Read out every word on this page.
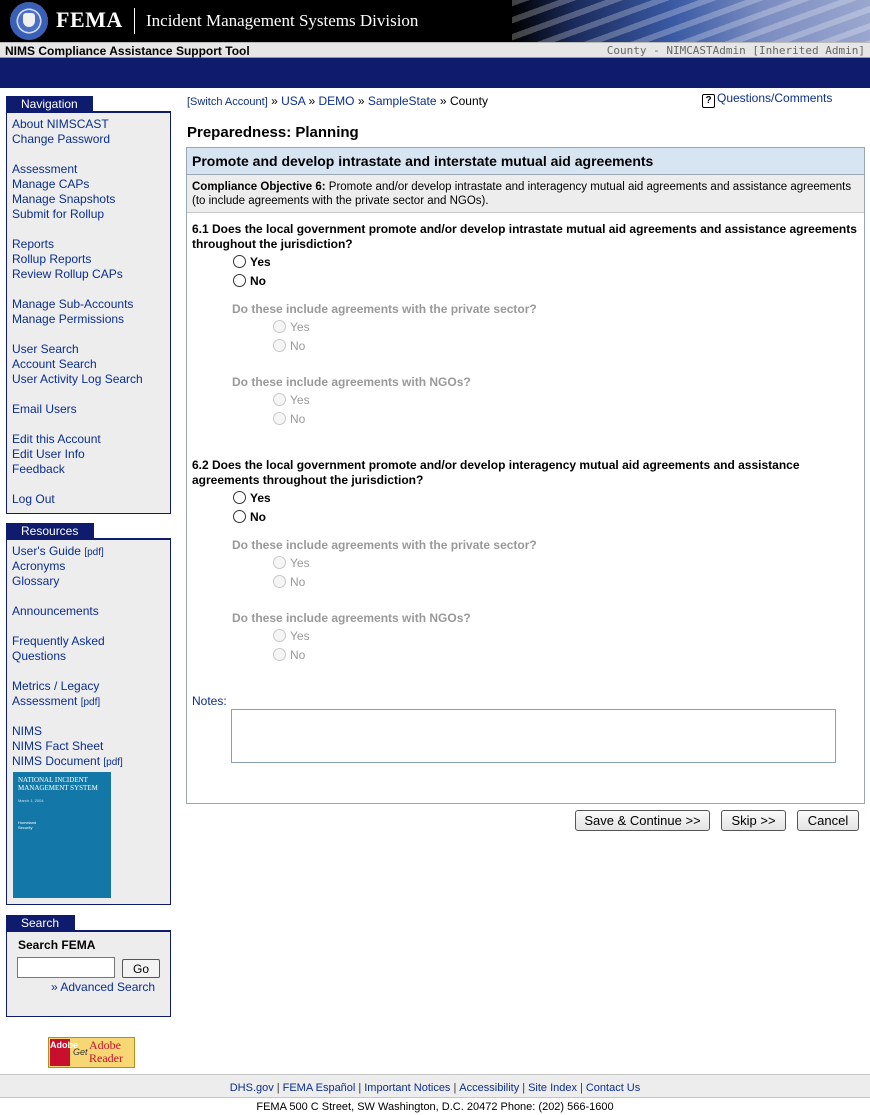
FEMA Incident Management Systems Division
NIMS Compliance Assistance Support Tool	County - NIMCASTAdmin [Inherited Admin]
Navigation
About NIMSCAST
Change Password
Assessment
Manage CAPs
Manage Snapshots
Submit for Rollup
Reports
Rollup Reports
Review Rollup CAPs
Manage Sub-Accounts
Manage Permissions
User Search
Account Search
User Activity Log Search
Email Users
Edit this Account
Edit User Info
Feedback
Log Out
Resources
User's Guide [pdf]
Acronyms
Glossary
Announcements
Frequently Asked
Questions
Metrics / Legacy
Assessment [pdf]
NIMS
NIMS Fact Sheet
NIMS Document [pdf]
NATIONAL INCIDENT MANAGEMENT SYSTEM
March 1, 2004
Homeland Security
Search
Search FEMA
Go
» Advanced Search
Adobe
Get Adobe Reader
[Switch Account] » USA » DEMO » SampleState » County	? Questions/Comments
Preparedness: Planning
Promote and develop intrastate and interstate mutual aid agreements
Compliance Objective 6: Promote and/or develop intrastate and interagency mutual aid agreements and assistance agreements (to include agreements with the private sector and NGOs).
6.1 Does the local government promote and/or develop intrastate mutual aid agreements and assistance agreements throughout the jurisdiction?
Yes
No
Do these include agreements with the private sector?
Yes
No
Do these include agreements with NGOs?
Yes
No
6.2 Does the local government promote and/or develop interagency mutual aid agreements and assistance agreements throughout the jurisdiction?
Yes
No
Do these include agreements with the private sector?
Yes
No
Do these include agreements with NGOs?
Yes
No
Notes:
Save & Continue >>	Skip >>	Cancel
DHS.gov | FEMA Español | Important Notices | Accessibility | Site Index | Contact Us
FEMA 500 C Street, SW Washington, D.C. 20472 Phone: (202) 566-1600
